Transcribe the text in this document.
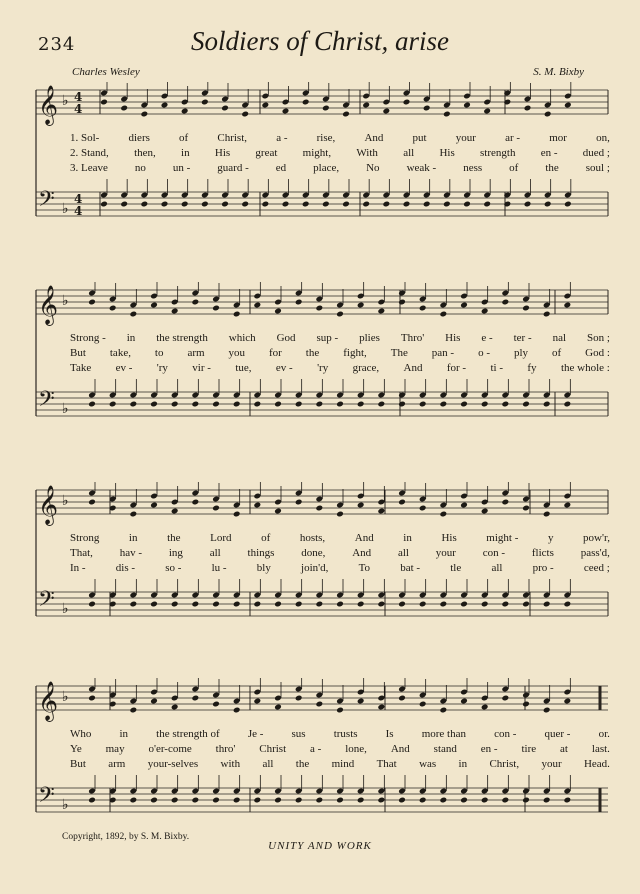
234	Soldiers of Christ, arise
Charles Wesley	S. M. Bixby
𝄞 ♭ 4
4
𝄢 ♭
4
4
1. Sol-	diers	of	Christ,	a -	rise,	And	put	your	ar -	mor	on,
2. Stand, then, in His great might, With all His strength en - dued ;
3. Leave no un - guard - ed place, No weak - ness of the soul ;
𝄞 ♭
𝄢 ♭
Strong - in the strength which God sup - plies Thro' His e - ter - nal Son ;
But take, to arm you for the fight, The pan - o - ply of God :
Take ev - 'ry vir - tue, ev - 'ry grace, And for - ti - fy the whole :
𝄞 ♭
𝄢 ♭
Strong	in	the	Lord	of	hosts,	And	in	His	might -	y	pow'r,
That, hav - ing all things done, And all your con - flicts pass'd,
In -	dis -	so -	lu -	bly	join'd,	To	bat -	tle	all	pro -	ceed ;
𝄞 ♭
𝄢 ♭
Who	in	the strength of	Je -	sus	trusts	Is	more than	con -	quer -	or.
Ye may o'er-come thro' Christ a - lone, And stand en - tire at last.
But arm your-selves with all the mind That was in Christ, your Head.
Copyright, 1892, by S. M. Bixby.
UNITY AND WORK
